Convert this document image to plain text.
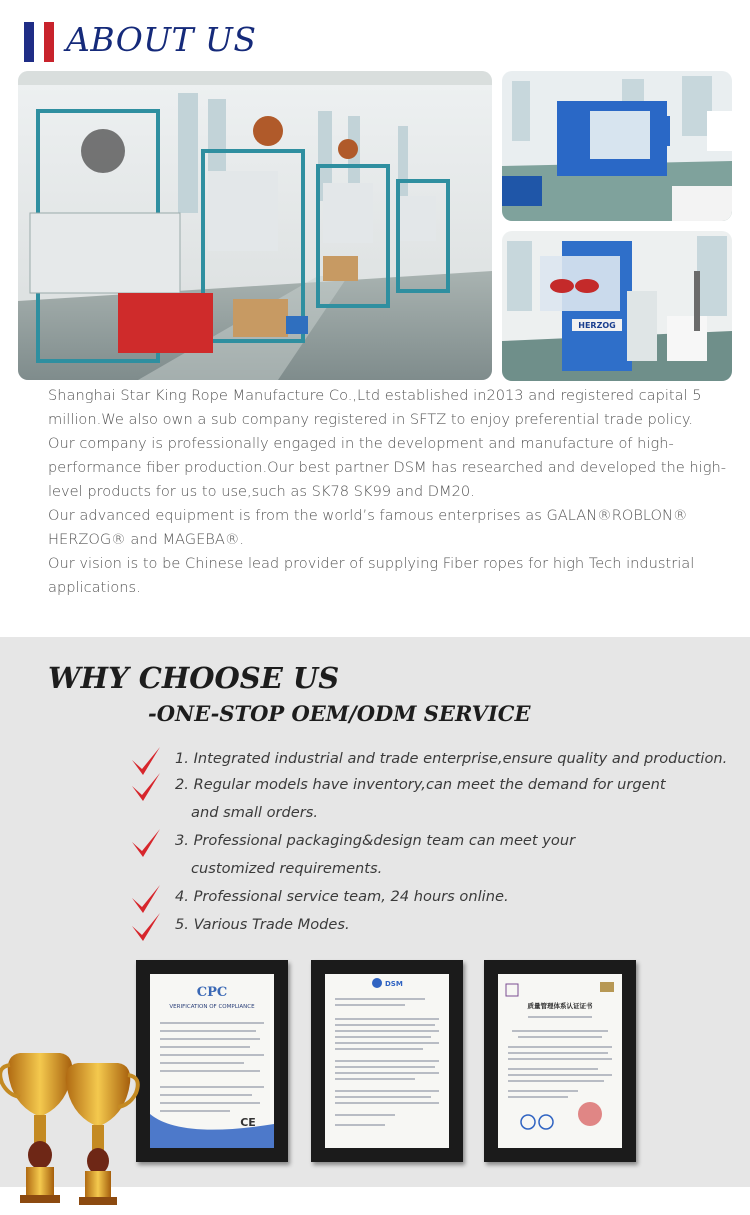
ABOUT US
HERZOG

Shanghai Star King Rope Manufacture Co.,Ltd established in2013 and registered capital 5 million.We also own a sub company registered in SFTZ to enjoy preferential trade policy.

Our company is professionally engaged in the development and manufacture of high-performance fiber production.Our best partner DSM has researched and developed the high-level products for us to use,such as SK78 SK99 and DM20.

Our advanced equipment is from the world’s famous enterprises as GALAN®ROBLON® HERZOG® and MAGEBA®.

Our vision is to be Chinese lead provider of supplying Fiber ropes for high Tech industrial applications.

WHY CHOOSE US
-ONE-STOP OEM/ODM SERVICE
1. Integrated industrial and trade enterprise,ensure quality and production.
2. Regular models have inventory,can meet the demand for urgent
and small orders.
3. Professional packaging&design team can meet your
customized requirements.
4. Professional service team, 24 hours online.
5. Various Trade Modes.
CPC
VERIFICATION OF COMPLIANCE
CE
DSM
质量管理体系认证证书
